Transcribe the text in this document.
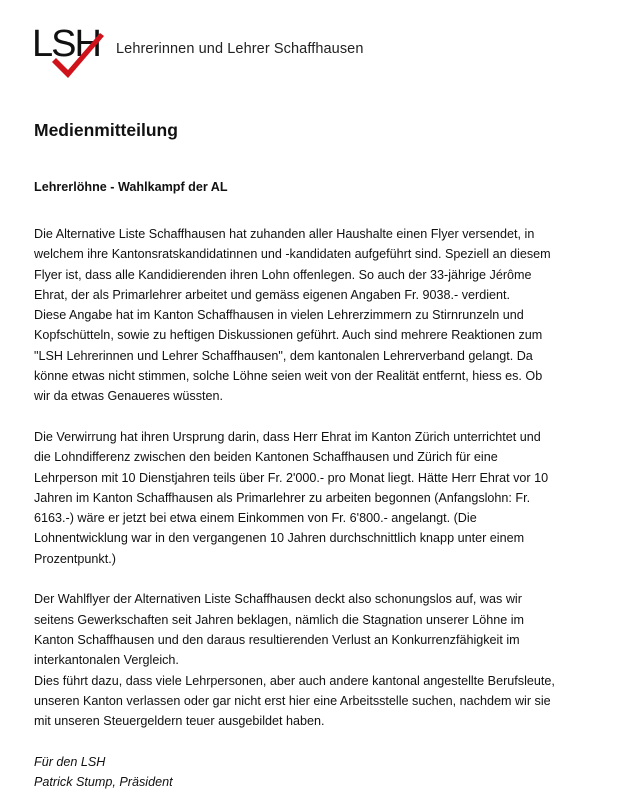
LSH Lehrerinnen und Lehrer Schaffhausen
Medienmitteilung
Lehrerlöhne - Wahlkampf der AL

Die Alternative Liste Schaffhausen hat zuhanden aller Haushalte einen Flyer versendet, in
welchem ihre Kantonsratskandidatinnen und -kandidaten aufgeführt sind. Speziell an diesem
Flyer ist, dass alle Kandidierenden ihren Lohn offenlegen. So auch der 33-jährige Jérôme
Ehrat, der als Primarlehrer arbeitet und gemäss eigenen Angaben Fr. 9038.- verdient.
Diese Angabe hat im Kanton Schaffhausen in vielen Lehrerzimmern zu Stirnrunzeln und
Kopfschütteln, sowie zu heftigen Diskussionen geführt. Auch sind mehrere Reaktionen zum
"LSH Lehrerinnen und Lehrer Schaffhausen", dem kantonalen Lehrerverband gelangt. Da
könne etwas nicht stimmen, solche Löhne seien weit von der Realität entfernt, hiess es. Ob
wir da etwas Genaueres wüssten.

Die Verwirrung hat ihren Ursprung darin, dass Herr Ehrat im Kanton Zürich unterrichtet und
die Lohndifferenz zwischen den beiden Kantonen Schaffhausen und Zürich für eine
Lehrperson mit 10 Dienstjahren teils über Fr. 2'000.- pro Monat liegt. Hätte Herr Ehrat vor 10
Jahren im Kanton Schaffhausen als Primarlehrer zu arbeiten begonnen (Anfangslohn: Fr.
6163.-) wäre er jetzt bei etwa einem Einkommen von Fr. 6'800.- angelangt. (Die
Lohnentwicklung war in den vergangenen 10 Jahren durchschnittlich knapp unter einem
Prozentpunkt.)

Der Wahlflyer der Alternativen Liste Schaffhausen deckt also schonungslos auf, was wir
seitens Gewerkschaften seit Jahren beklagen, nämlich die Stagnation unserer Löhne im
Kanton Schaffhausen und den daraus resultierenden Verlust an Konkurrenzfähigkeit im
interkantonalen Vergleich.
Dies führt dazu, dass viele Lehrpersonen, aber auch andere kantonal angestellte Berufsleute,
unseren Kanton verlassen oder gar nicht erst hier eine Arbeitsstelle suchen, nachdem wir sie
mit unseren Steuergeldern teuer ausgebildet haben.

Für den LSH
Patrick Stump, Präsident
